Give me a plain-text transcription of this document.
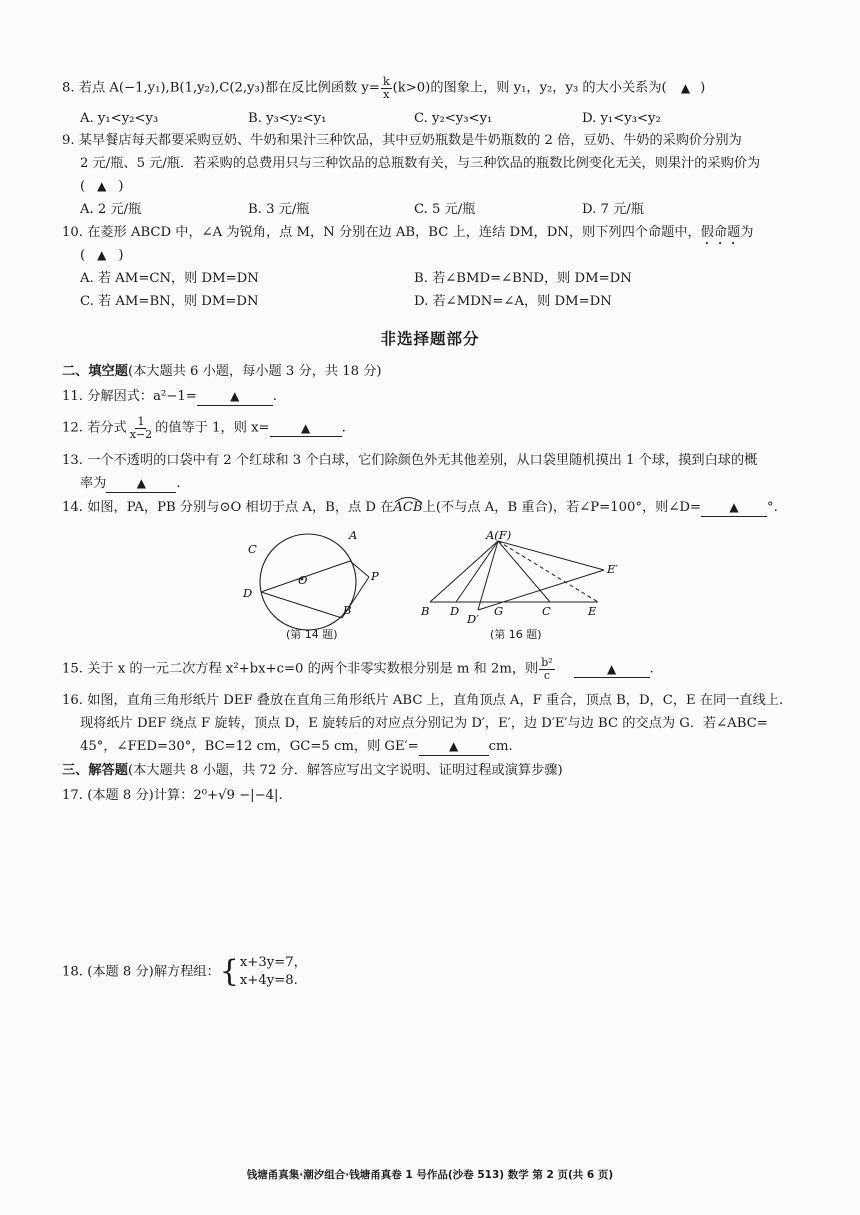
8. 若点 A(−1,y₁),B(1,y₂),C(2,y₃)都在反比例函数 $y= \frac{k}{x} (k>0)$的图象上，则 y₁，y₂，y₃ 的大小关系为( ▲ )
A. y₁<y₂<y₃	B. y₃<y₂<y₁	C. y₂<y₃<y₁	D. y₁<y₃<y₂
9. 某早餐店每天都要采购豆奶、牛奶和果汁三种饮品，其中豆奶瓶数是牛奶瓶数的 2 倍，豆奶、牛奶的采购价分别为
2 元/瓶、5 元/瓶．若采购的总费用只与三种饮品的总瓶数有关，与三种饮品的瓶数比例变化无关，则果汁的采购价为
( ▲ )
A. 2 元/瓶	B. 3 元/瓶	C. 5 元/瓶	D. 7 元/瓶
10. 在菱形 ABCD 中，∠A 为锐角，点 M，N 分别在边 AB，BC 上，连结 DM，DN，则下列四个命题中，假命题为
( ▲ )
A. 若 AM=CN，则 DM=DN	B. 若∠BMD=∠BND，则 DM=DN
C. 若 AM=BN，则 DM=DN	D. 若∠MDN=∠A，则 DM=DN
非选择题部分
二、填空题(本大题共 6 小题，每小题 3 分，共 18 分)
11. 分解因式：a²−1=	▲	.
12. 若分式 $\frac{1}{x-2}$ 的值等于 1，则 x=	▲ .
13. 一个不透明的口袋中有 2 个红球和 3 个白球，它们除颜色外无其他差别，从口袋里随机摸出 1 个球，摸到白球的概
率为	▲ .
14. 如图，PA，PB 分别与⊙O 相切于点 A，B，点 D 在
ACB上(不与点 A，B 重合)，若∠P=100°，则∠D= ▲ °.
C
A
O	P
D
B
(第 14 题)
A(F)
E′
B D
D′
G	C	E
(第 16 题)
15. 关于 x 的一元二次方程 x²+bx+c=0 的两个非零实数根分别是 m 和 2m，则 $\frac{\text{b²}}{c}$	▲	.
16. 如图，直角三角形纸片 DEF 叠放在直角三角形纸片 ABC 上，直角顶点 A，F 重合，顶点 B，D，C，E 在同一直线上.
现将纸片 DEF 绕点 F 旋转，顶点 D，E 旋转后的对应点分别记为 D′，E′，边 D′E′与边 BC 的交点为 G．若∠ABC=
45°，∠FED=30°，BC=12 cm，GC=5 cm，则 GE′=	▲ cm.
三、解答题(本大题共 8 小题，共 72 分．解答应写出文字说明、证明过程或演算步骤)
17. (本题 8 分)计算：2⁰+√9 −|−4|.
18. (本题 8 分)解方程组： { x+3y=7，
x+4y=8.
钱塘甬真集·潮汐组合·钱塘甬真卷 1 号作品(沙卷 513) 数学 第 2 页(共 6 页)
